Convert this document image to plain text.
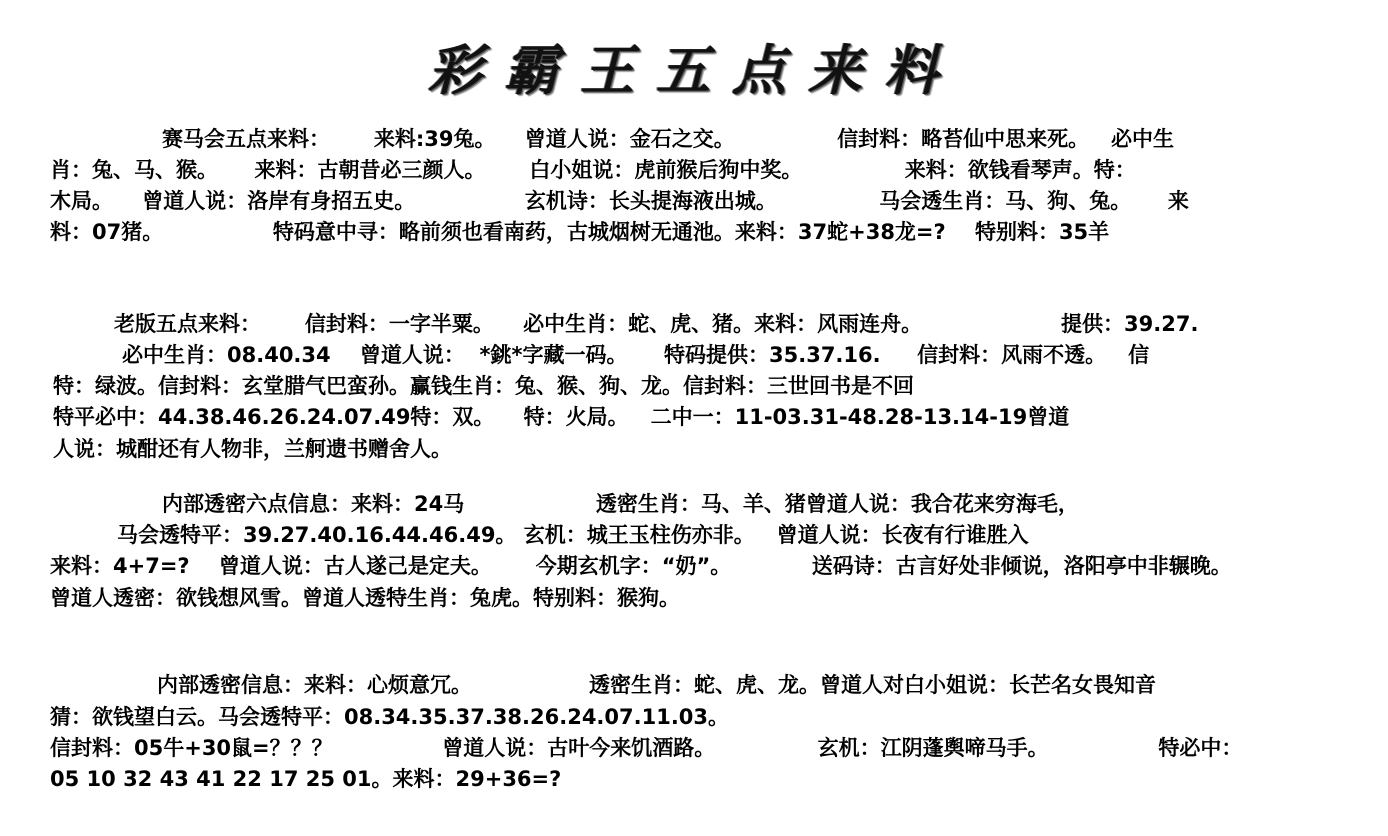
彩霸王五点来料
赛马会五点来料：      来料:39兔。    曾道人说：金石之交。              信封料：略苔仙中思来死。   必中生
肖：兔、马、猴。     来料：古朝昔必三颜人。      白小姐说：虎前猴后狗中奖。              来料：欲钱看琴声。特：
木局。    曾道人说：洛岸有身招五史。               玄机诗：长头提海液出城。              马会透生肖：马、狗、兔。     来
料：07猪。               特码意中寻：略前须也看南药，古城烟树无通池。来料：37蛇+38龙=?    特别料：35羊
老版五点来料：      信封料：一字半粟。    必中生肖：蛇、虎、猪。来料：风雨连舟。                   提供：39.27.
必中生肖：08.40.34    曾道人说：  *銚*字藏一码。     特码提供：35.37.16.     信封料：风雨不透。   信
特：绿波。信封料：玄堂腊气巴蛮孙。赢钱生肖：兔、猴、狗、龙。信封料：三世回书是不回
特平必中：44.38.46.26.24.07.49特：双。    特：火局。   二中一：11-03.31-48.28-13.14-19曾道
人说：城酣还有人物非，兰舸遗书赠舍人。
内部透密六点信息：来料：24马                  透密生肖：马、羊、猪曾道人说：我合花来穷海毛，
马会透特平：39.27.40.16.44.46.49。 玄机：城王玉柱伤亦非。   曾道人说：长夜有行谁胜入
来料：4+7=?    曾道人说：古人遂己是定夫。      今期玄机字：“奶”。           送码诗：古言好处非倾说，洛阳亭中非辗晚。
曾道人透密：欲钱想风雪。曾道人透特生肖：兔虎。特别料：猴狗。
内部透密信息：来料：心烦意冗。                透密生肖：蛇、虎、龙。曾道人对白小姐说：长芒名女畏知音
猜：欲钱望白云。马会透特平：08.34.35.37.38.26.24.07.11.03。
信封料：05牛+30鼠=？？？               曾道人说：古叶今来饥酒路。              玄机：江阴蓬舆啼马手。               特必中：
05 10 32 43 41 22 17 25 01。来料：29+36=?
